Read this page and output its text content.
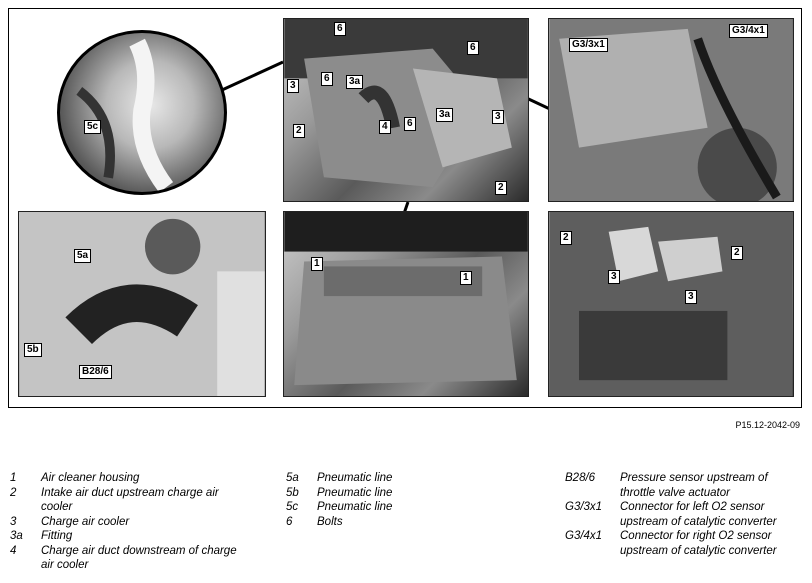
5c
6
3	3a
6
6
2	4	6
3a	3
2
G3/3x1
G3/4x1
5a
5b
B28/6
1
1
2
2
3
3
P15.12-2042-09
1	Air cleaner housing
2	Intake air duct upstream charge air cooler
3	Charge air cooler
3a	Fitting
4	Charge air duct downstream of charge air cooler
5a	Pneumatic line
5b	Pneumatic line
5c	Pneumatic line
6	Bolts
B28/6	Pressure sensor upstream of throttle valve actuator
G3/3x1	Connector for left O2 sensor upstream of catalytic converter
G3/4x1	Connector for right O2 sensor upstream of catalytic converter
